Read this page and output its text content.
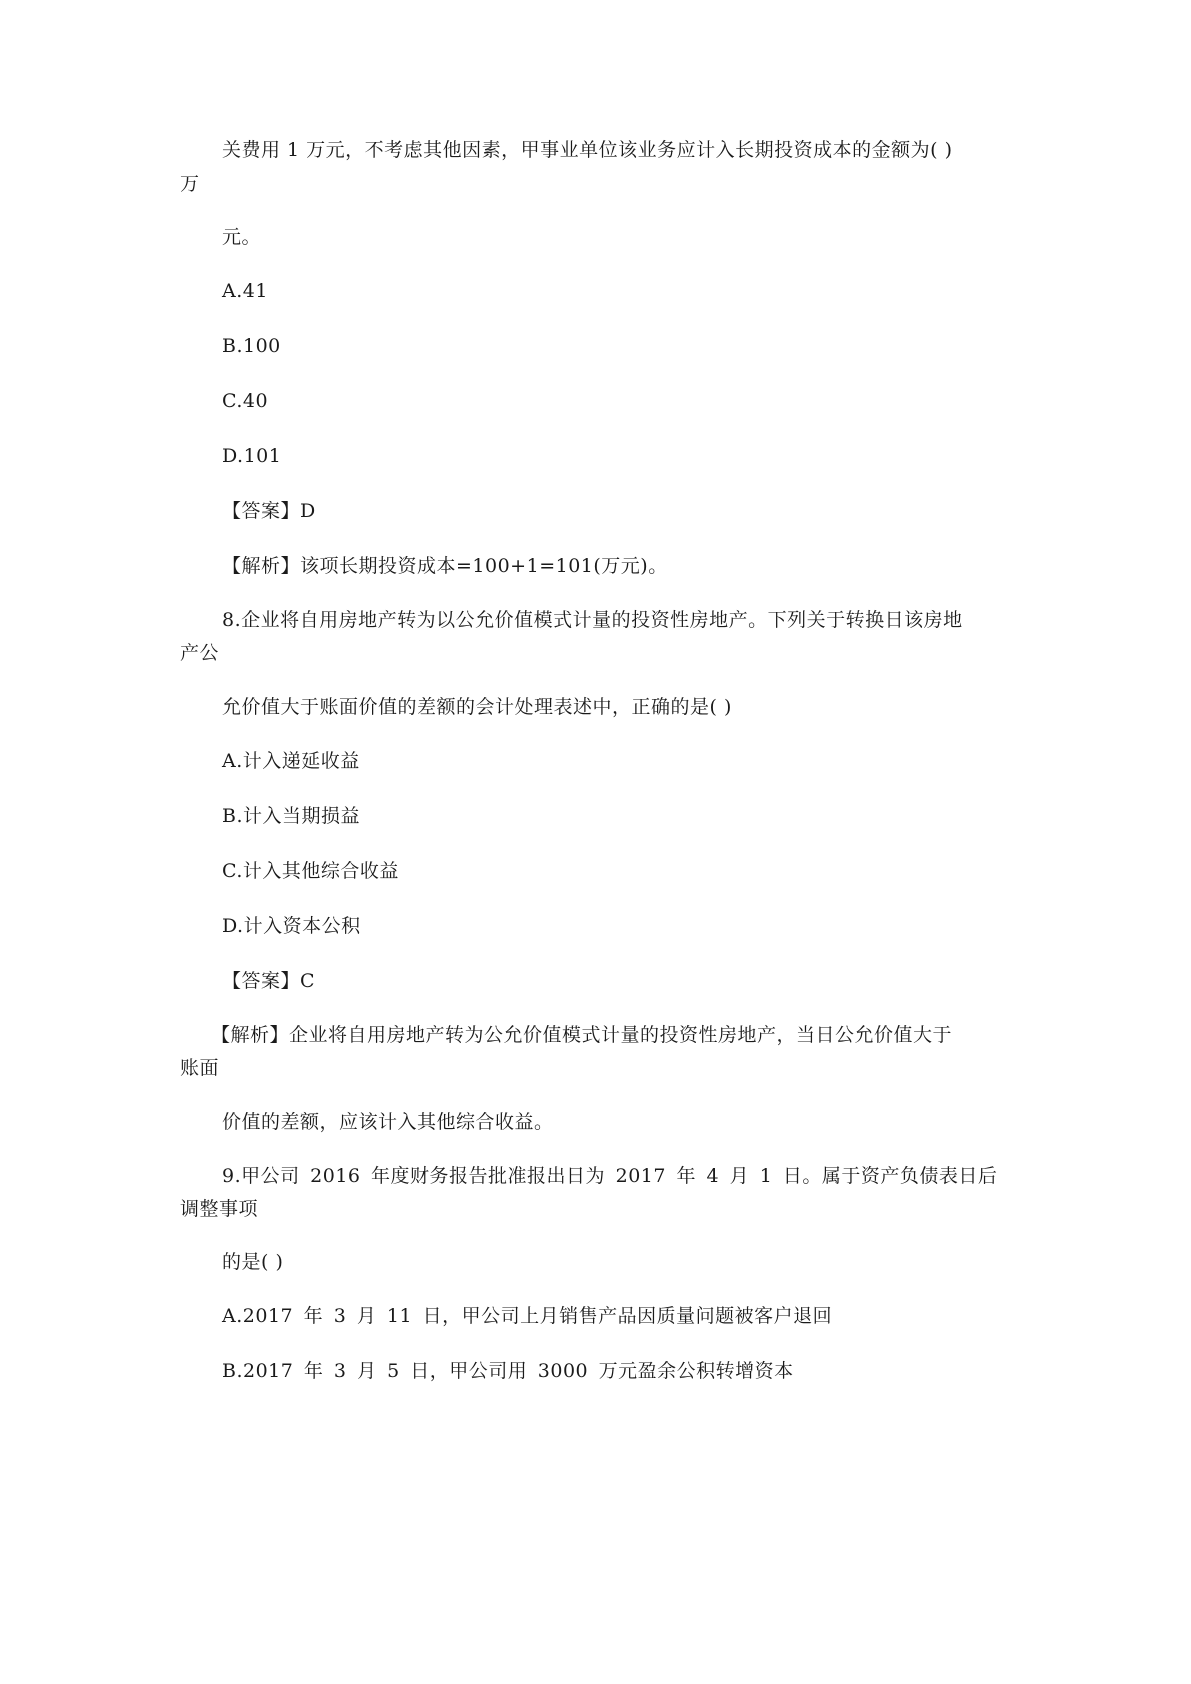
关费用 1 万元，不考虑其他因素，甲事业单位该业务应计入长期投资成本的金额为( )
万
元。
A.41
B.100
C.40
D.101
【答案】D
【解析】该项长期投资成本=100+1=101(万元)。
8.企业将自用房地产转为以公允价值模式计量的投资性房地产。下列关于转换日该房地
产公
允价值大于账面价值的差额的会计处理表述中，正确的是( )
A.计入递延收益
B.计入当期损益
C.计入其他综合收益
D.计入资本公积
【答案】C
【解析】企业将自用房地产转为公允价值模式计量的投资性房地产，当日公允价值大于
账面
价值的差额，应该计入其他综合收益。
9.甲公司 2016 年度财务报告批准报出日为 2017 年 4 月 1 日。属于资产负债表日后
调整事项
的是( )
A.2017 年 3 月 11 日，甲公司上月销售产品因质量问题被客户退回
B.2017 年 3 月 5 日，甲公司用 3000 万元盈余公积转增资本
